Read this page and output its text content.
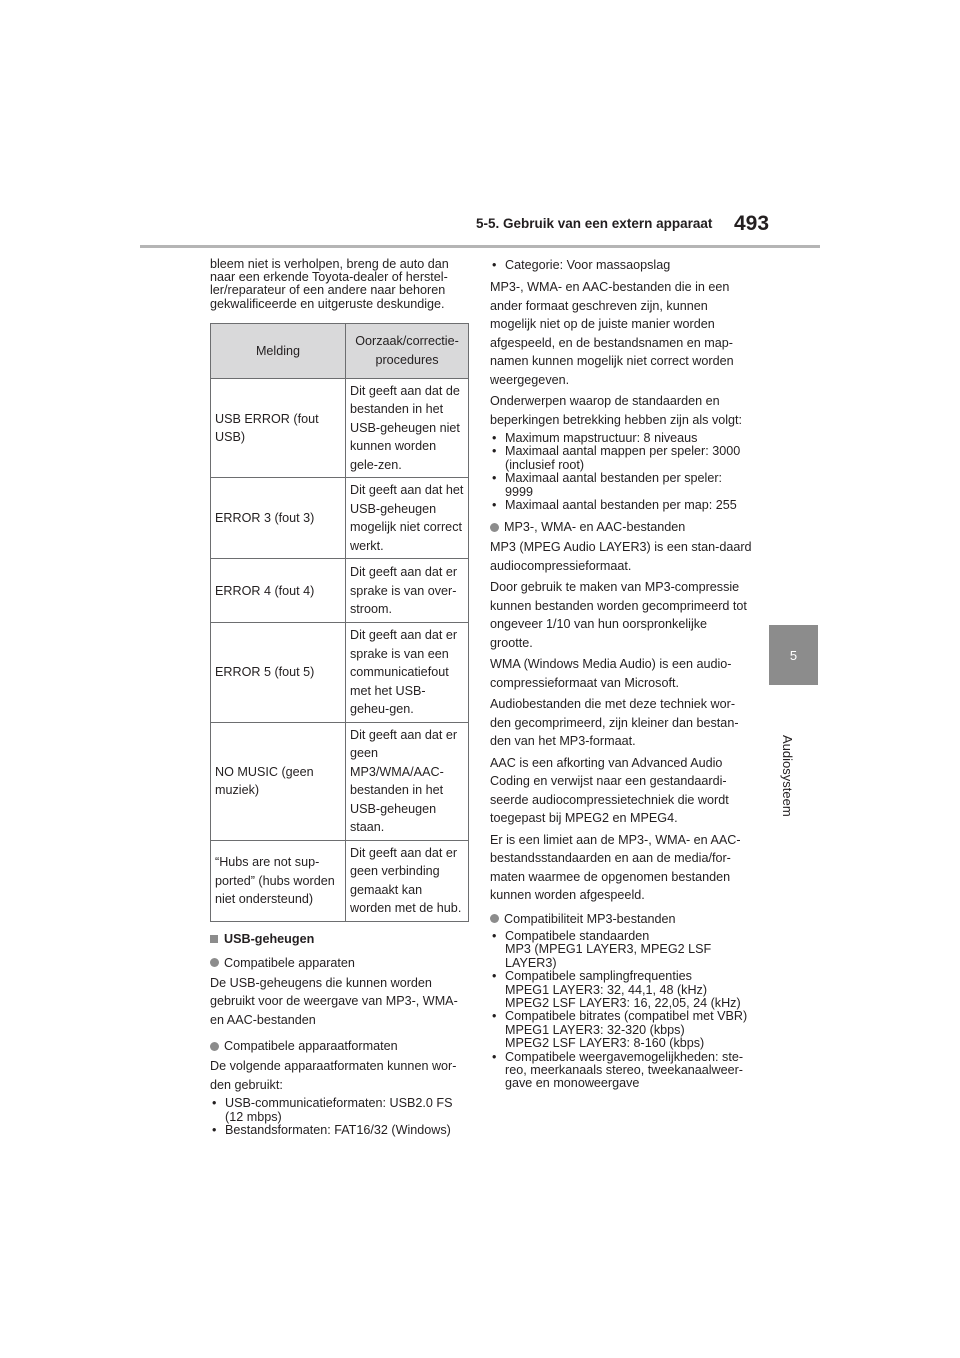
5-5. Gebruik van een extern apparaat 493
5
Audiosysteem

bleem niet is verholpen, breng de auto dan naar een erkende Toyota-dealer of herstel-ler/reparateur of een andere naar behoren gekwalificeerde en uitgeruste deskundige.

Melding	Oorzaak/correctie-procedures
USB ERROR (fout USB)	Dit geeft aan dat de bestanden in het USB-geheugen niet kunnen worden gele-zen.
ERROR 3 (fout 3)	Dit geeft aan dat het USB-geheugen mogelijk niet correct werkt.
ERROR 4 (fout 4)	Dit geeft aan dat er sprake is van over-stroom.
ERROR 5 (fout 5)	Dit geeft aan dat er sprake is van een communicatiefout met het USB-geheu-gen.
NO MUSIC (geen muziek)	Dit geeft aan dat er geen MP3/WMA/AAC-bestanden in het USB-geheugen staan.
“Hubs are not sup-ported” (hubs worden niet ondersteund)	Dit geeft aan dat er geen verbinding gemaakt kan worden met de hub.
USB-geheugen
Compatibele apparaten

De USB-geheugens die kunnen worden gebruikt voor de weergave van MP3-, WMA- en AAC-bestanden

Compatibele apparaatformaten

De volgende apparaatformaten kunnen wor-den gebruikt:

• USB-communicatieformaten: USB2.0 FS (12 mbps)
• Bestandsformaten: FAT16/32 (Windows)
• Categorie: Voor massaopslag

MP3-, WMA- en AAC-bestanden die in een ander formaat geschreven zijn, kunnen mogelijk niet op de juiste manier worden afgespeeld, en de bestandsnamen en map-namen kunnen mogelijk niet correct worden weergegeven.

Onderwerpen waarop de standaarden en beperkingen betrekking hebben zijn als volgt:

• Maximum mapstructuur: 8 niveaus
• Maximaal aantal mappen per speler: 3000 (inclusief root)
• Maximaal aantal bestanden per speler: 9999
• Maximaal aantal bestanden per map: 255
MP3-, WMA- en AAC-bestanden

MP3 (MPEG Audio LAYER3) is een stan-daard audiocompressieformaat.

Door gebruik te maken van MP3-compressie kunnen bestanden worden gecomprimeerd tot ongeveer 1/10 van hun oorspronkelijke grootte.

WMA (Windows Media Audio) is een audio-compressieformaat van Microsoft.

Audiobestanden die met deze techniek wor-den gecomprimeerd, zijn kleiner dan bestan-den van het MP3-formaat.

AAC is een afkorting van Advanced Audio Coding en verwijst naar een gestandaardi-seerde audiocompressietechniek die wordt toegepast bij MPEG2 en MPEG4.

Er is een limiet aan de MP3-, WMA- en AAC-bestandsstandaarden en aan de media/for-maten waarmee de opgenomen bestanden kunnen worden afgespeeld.

Compatibiliteit MP3-bestanden
• Compatibele standaarden
MP3 (MPEG1 LAYER3, MPEG2 LSF LAYER3)
• Compatibele samplingfrequenties
MPEG1 LAYER3: 32, 44,1, 48 (kHz)
MPEG2 LSF LAYER3: 16, 22,05, 24 (kHz)
• Compatibele bitrates (compatibel met VBR)
MPEG1 LAYER3: 32-320 (kbps)
MPEG2 LSF LAYER3: 8-160 (kbps)
• Compatibele weergavemogelijkheden: ste-reo, meerkanaals stereo, tweekanaalweer-gave en monoweergave
